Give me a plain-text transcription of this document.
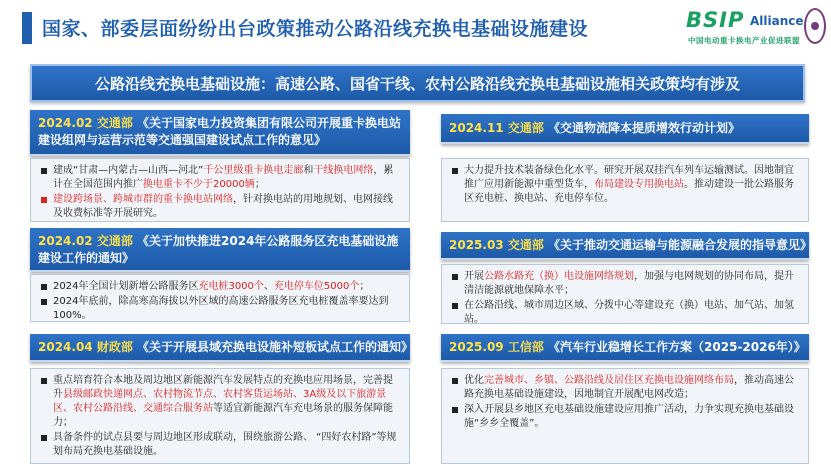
国家、部委层面纷纷出台政策推动公路沿线充换电基础设施建设	BSIP Alliance
中国电动重卡换电产业促进联盟
公路沿线充换电基础设施：高速公路、国省干线、农村公路沿线充换电基础设施相关政策均有涉及
2024.02 交通部 《关于国家电力投资集团有限公司开展重卡换电站建设组网与运营示范等交通强国建设试点工作的意见》
建成“甘肃—内蒙古—山西—河北”千公里级重卡换电走廊和干线换电网络，累计在全国范围内推广换电重卡不少于20000辆；
建设跨场景、跨城市群的重卡换电站网络，针对换电站的用地规划、电网接线及收费标准等开展研究。
2024.02 交通部 《关于加快推进2024年公路服务区充电基础设施建设工作的通知》
2024年全国计划新增公路服务区充电桩3000个、充电停车位5000个；
2024年底前，除高寒高海拔以外区域的高速公路服务区充电桩覆盖率要达到100%。
2024.04 财政部
《关于开展县域充换电设施补短板试点工作的通知》
重点培育符合本地及周边地区新能源汽车发展特点的充换电应用场景，完善提升县级邮政快递网点、农村物流节点、农村客货运场站、3A级及以下旅游景区、农村公路沿线、交通综合服务站等适宜新能源汽车充电场景的服务保障能力；
具备条件的试点县要与周边地区形成联动，围绕旅游公路、 “四好农村路”等规划布局充换电基础设施。
2024.11 交通部
《交通物流降本提质增效行动计划》
大力提升技术装备绿色化水平。研究开展双挂汽车列车运输测试。因地制宜推广应用新能源中重型货车，布局建设专用换电站。推动建设一批公路服务区充电桩、换电站、充电停车位。
2025.03 交通部
《关于推动交通运输与能源融合发展的指导意见》
开展公路水路充（换）电设施网络规划，加强与电网规划的协同布局，提升清洁能源就地保障水平；
在公路沿线、城市周边区域、分拨中心等建设充（换）电站、加气站、加氢站。
2025.09 工信部
《汽车行业稳增长工作方案（2025-2026年）》
优化完善城市、乡镇、公路沿线及居住区充换电设施网络布局，推动高速公路充换电基础设施建设，因地制宜开展配电网改造；
深入开展县乡地区充电基础设施建设应用推广活动，力争实现充换电基础设施“乡乡全覆盖”。
